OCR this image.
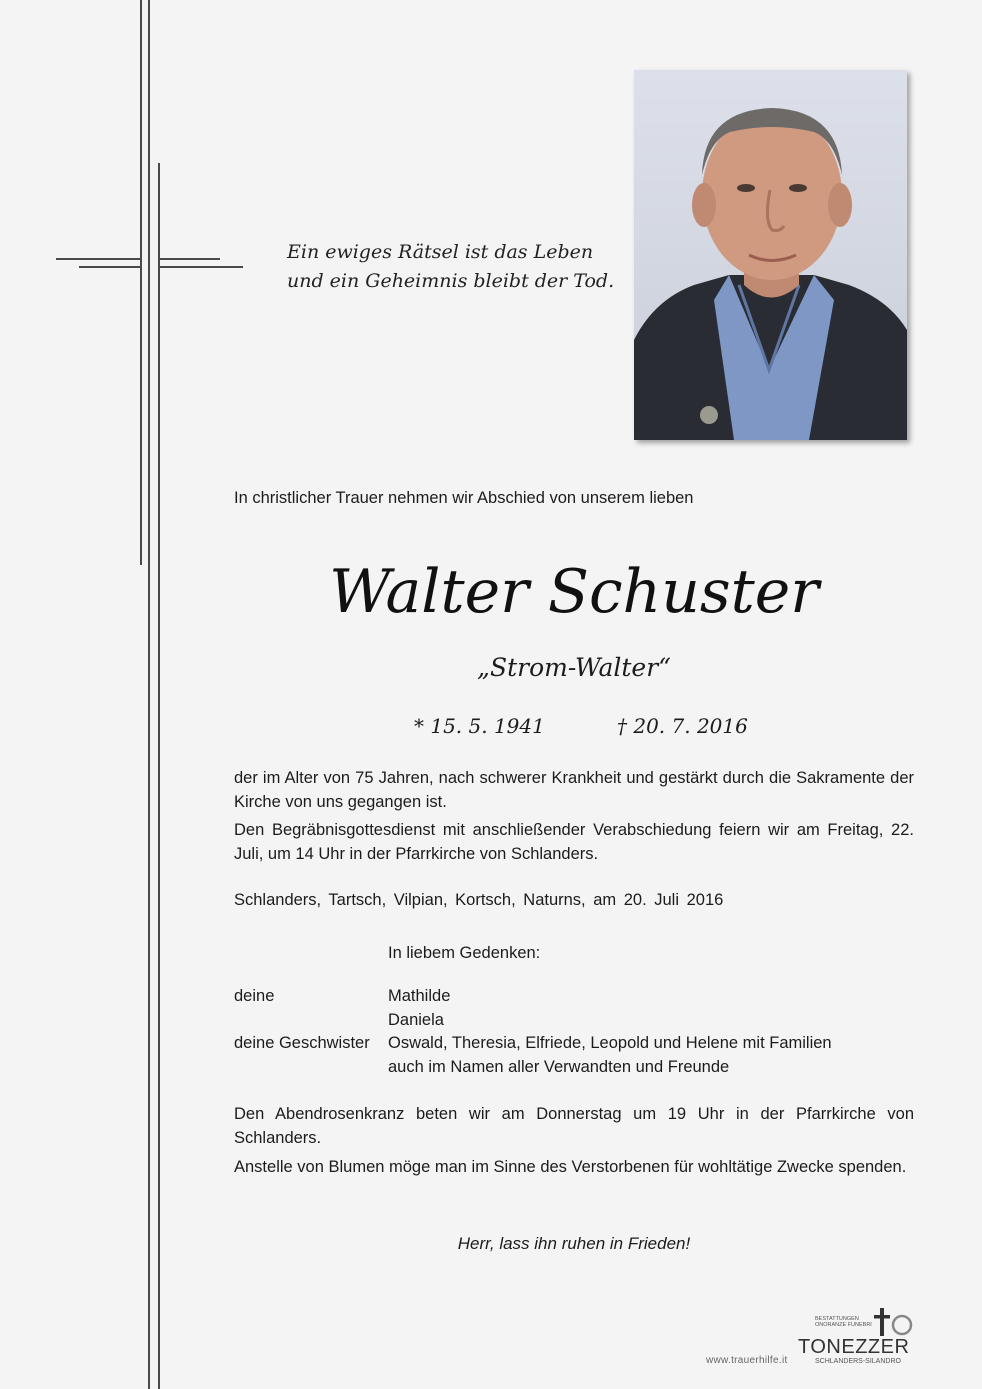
Ein ewiges Rätsel ist das Leben
und ein Geheimnis bleibt der Tod.
In christlicher Trauer nehmen wir Abschied von unserem lieben
Walter Schuster
„Strom-Walter“
* 15. 5. 1941	† 20. 7. 2016
der im Alter von 75 Jahren, nach schwerer Krankheit und gestärkt durch die Sakramente der Kirche von uns gegangen ist.
Den Begräbnisgottesdienst mit anschließender Verabschiedung feiern wir am Freitag, 22. Juli, um 14 Uhr in der Pfarrkirche von Schlanders.
Schlanders, Tartsch, Vilpian, Kortsch, Naturns, am 20. Juli 2016
In liebem Gedenken:
deine	Mathilde
Daniela
deine Geschwister Oswald, Theresia, Elfriede, Leopold und Helene mit Familien
auch im Namen aller Verwandten und Freunde
Den Abendrosenkranz beten wir am Donnerstag um 19 Uhr in der Pfarrkirche von Schlanders.
Anstelle von Blumen möge man im Sinne des Verstorbenen für wohltätige Zwecke spenden.
Herr, lass ihn ruhen in Frieden!
www.trauerhilfe.it
BESTATTUNGEN
ONORANZE FUNEBRI
TONEZZER
SCHLANDERS-SILANDRO
